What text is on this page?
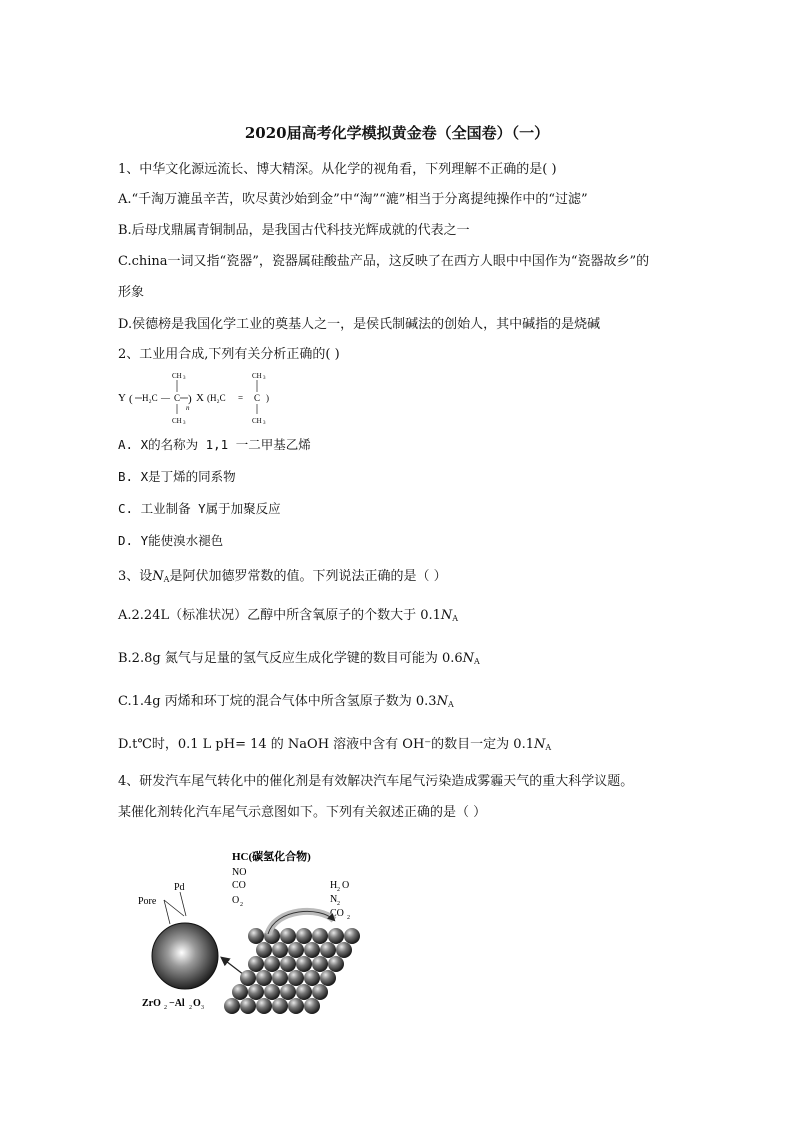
2020届高考化学模拟黄金卷（全国卷）（一）
1、中华文化源远流长、博大精深。从化学的视角看，下列理解不正确的是( )
A.“千淘万漉虽辛苦，吹尽黄沙始到金”中“淘”“漉”相当于分离提纯操作中的“过滤”
B.后母戊鼎属青铜制品，是我国古代科技光辉成就的代表之一
C.china一词又指“瓷器”，瓷器属硅酸盐产品，这反映了在西方人眼中中国作为“瓷器故乡”的
形象
D.侯德榜是我国化学工业的奠基人之一，是侯氏制碱法的创始人，其中碱指的是烧碱
2、工业用合成,下列有关分析正确的( )
Y ( H₂C — C
CH 3
CH 3
)
n
X (H₂C = C
CH 3
CH 3
)
A. X的名称为 1,1 一二甲基乙烯
B. X是丁烯的同系物
C. 工业制备 Y属于加聚反应
D. Y能使溴水褪色
3、设$N_A$是阿伏加德罗常数的值。下列说法正确的是（ ）
A.2.24L（标准状况）乙醇中所含氧原子的个数大于 $0.1N_A$
B.2.8g 氮气与足量的氢气反应生成化学键的数目可能为 $0.6N_A$
C.1.4g 丙烯和环丁烷的混合气体中所含氢原子数为 $0.3N_A$
D.t℃时，0.1 L pH= 14 的 NaOH 溶液中含有 OH⁻的数目一定为 $0.1N_A$
4、研发汽车尾气转化中的催化剂是有效解决汽车尾气污染造成雾霾天气的重大科学议题。
某催化剂转化汽车尾气示意图如下。下列有关叙述正确的是（ ）
HC(碳氢化合物)
NO
CO
O 2
H 2 O
N 2
CO 2
Pore
Pd
ZrO 2 −Al 2 O 3
